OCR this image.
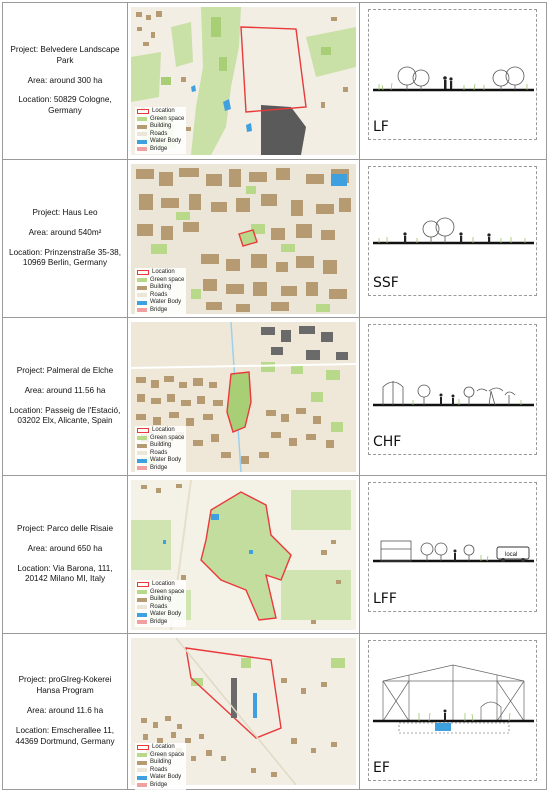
Project: Belvedere Landscape Park

Area: around 300 ha

Location: 50829 Cologne, Germany	Location
Green space
Building
Roads
Water Body
Bridge
LF

Project: Haus Leo

Area: around 540m²

Location: Prinzenstraße 35-38, 10969 Berlin, Germany

Location
Green space
Building
Roads
Water Body
Bridge
SSF

Project: Palmeral de Elche

Area: around 11.56 ha

Location: Passeig de l'Estació, 03202 Elx, Alicante, Spain

Location
Green space
Building
Roads
Water Body
Bridge
CHF

Project: Parco delle Risaie

Area: around 650 ha

Location: Via Barona, 111, 20142 Milano MI, Italy

Location
Green space
Building
Roads
Water Body
Bridge
local
LFF

Project: proGIreg-Kokerei Hansa Program

Area: around 11.6 ha

Location: Emscherallee 11, 44369 Dortmund, Germany

Location
Green space
Building
Roads
Water Body
Bridge
EF
